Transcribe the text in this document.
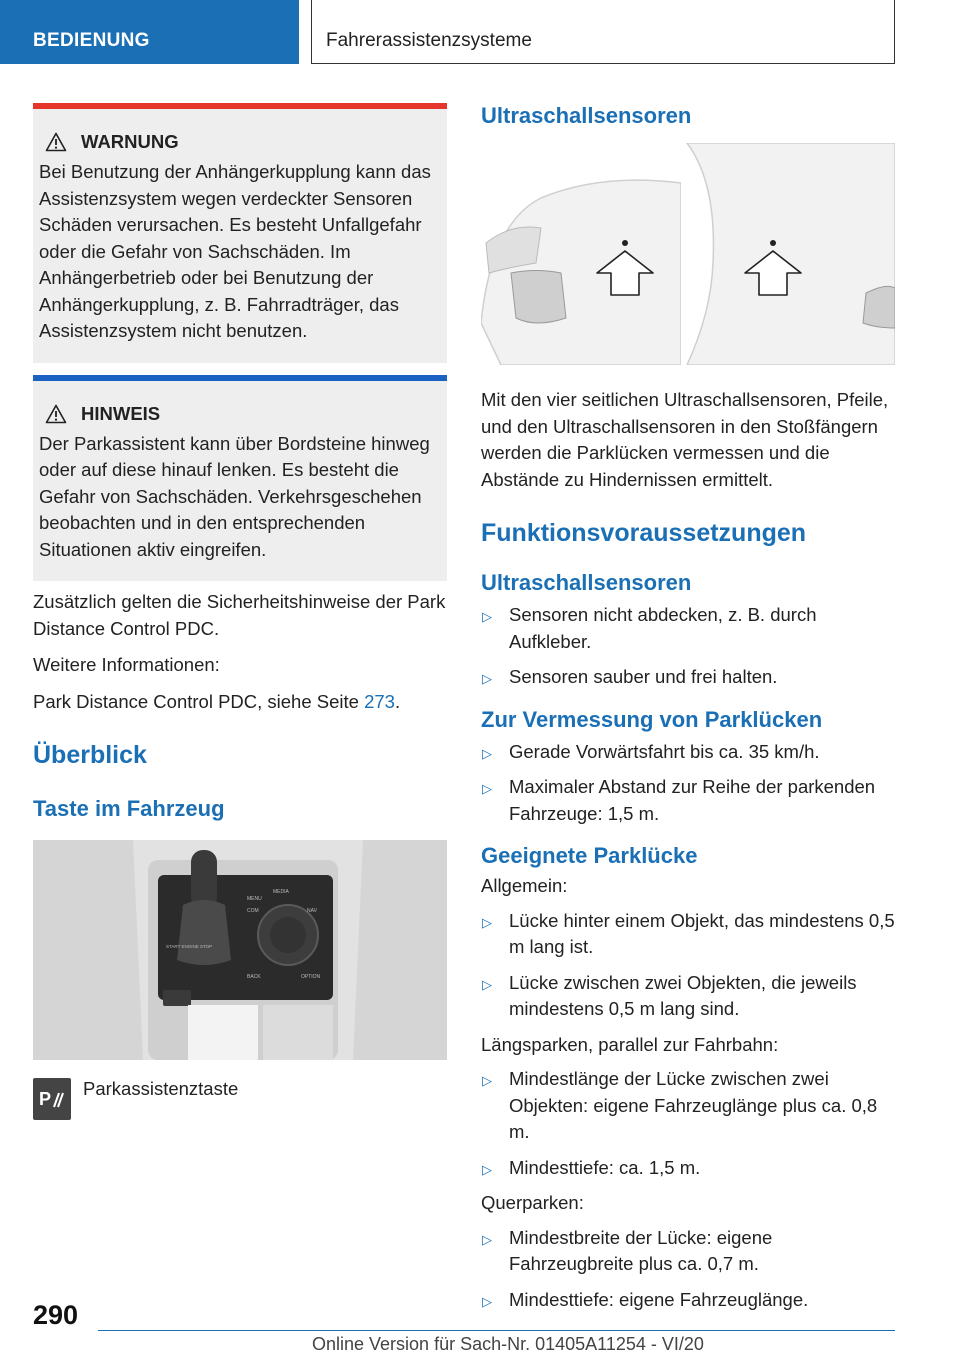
BEDIENUNG	Fahrerassistenzsysteme
WARNUNG

Bei Benutzung der Anhängerkupplung kann das Assistenzsystem wegen verdeckter Sensoren Schäden verursachen. Es besteht Unfallgefahr oder die Gefahr von Sachschäden. Im Anhängerbetrieb oder bei Benutzung der Anhängerkupplung, z. B. Fahrradträger, das Assistenzsystem nicht benutzen.

HINWEIS

Der Parkassistent kann über Bordsteine hinweg oder auf diese hinauf lenken. Es besteht die Gefahr von Sachschäden. Verkehrsgeschehen beobachten und in den entsprechenden Situationen aktiv eingreifen.

Zusätzlich gelten die Sicherheitshinweise der Park Distance Control PDC.

Weitere Informationen:

Park Distance Control PDC, siehe Seite 273.

Überblick
Taste im Fahrzeug
MENU
COM	NAV
MEDIA
BACK	OPTION
START ENGINE STOP
P Parkassistenztaste
Ultraschallsensoren

Mit den vier seitlichen Ultraschallsensoren, Pfeile, und den Ultraschallsensoren in den Stoßfängern werden die Parklücken vermessen und die Abstände zu Hindernissen ermittelt.

Funktionsvoraussetzungen
Ultraschallsensoren
▷ Sensoren nicht abdecken, z. B. durch Aufkleber.
▷ Sensoren sauber und frei halten.
Zur Vermessung von Parklücken
▷ Gerade Vorwärtsfahrt bis ca. 35 km/h.
▷ Maximaler Abstand zur Reihe der parkenden Fahrzeuge: 1,5 m.
Geeignete Parklücke

Allgemein:

▷ Lücke hinter einem Objekt, das mindestens 0,5 m lang ist.
▷ Lücke zwischen zwei Objekten, die jeweils mindestens 0,5 m lang sind.

Längsparken, parallel zur Fahrbahn:

▷ Mindestlänge der Lücke zwischen zwei Objekten: eigene Fahrzeuglänge plus ca. 0,8 m.
▷ Mindesttiefe: ca. 1,5 m.

Querparken:

▷ Mindestbreite der Lücke: eigene Fahrzeugbreite plus ca. 0,7 m.
▷ Mindesttiefe: eigene Fahrzeuglänge.
290
Online Version für Sach-Nr. 01405A11254 - VI/20
